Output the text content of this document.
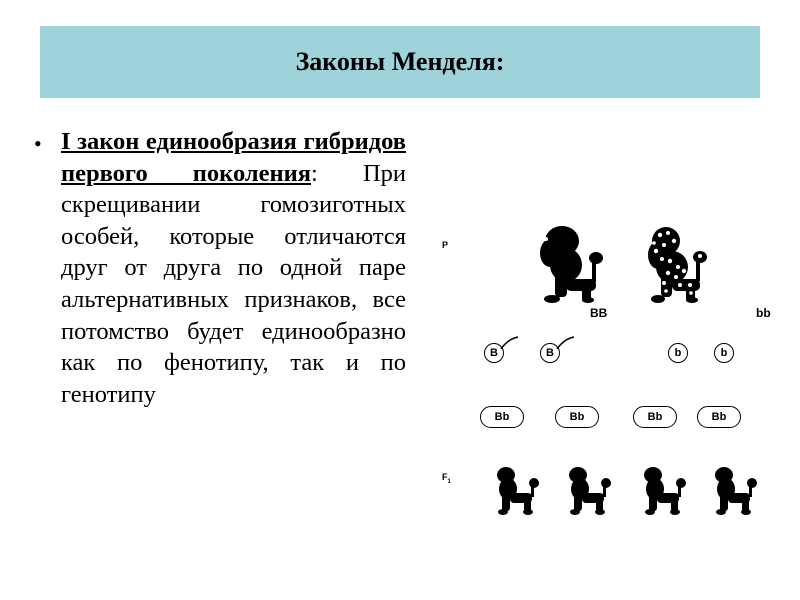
Законы Менделя:
• I закон единообразия гибридов первого поколения: При скрещивании гомозиготных особей, которые отличаются друг от друга по одной паре альтернативных признаков, все потомство будет единообразно как по фенотипу, так и по генотипу
P
$F_1$
BB	bb
B	B	b	b
Bb	Bb	Bb	Bb
